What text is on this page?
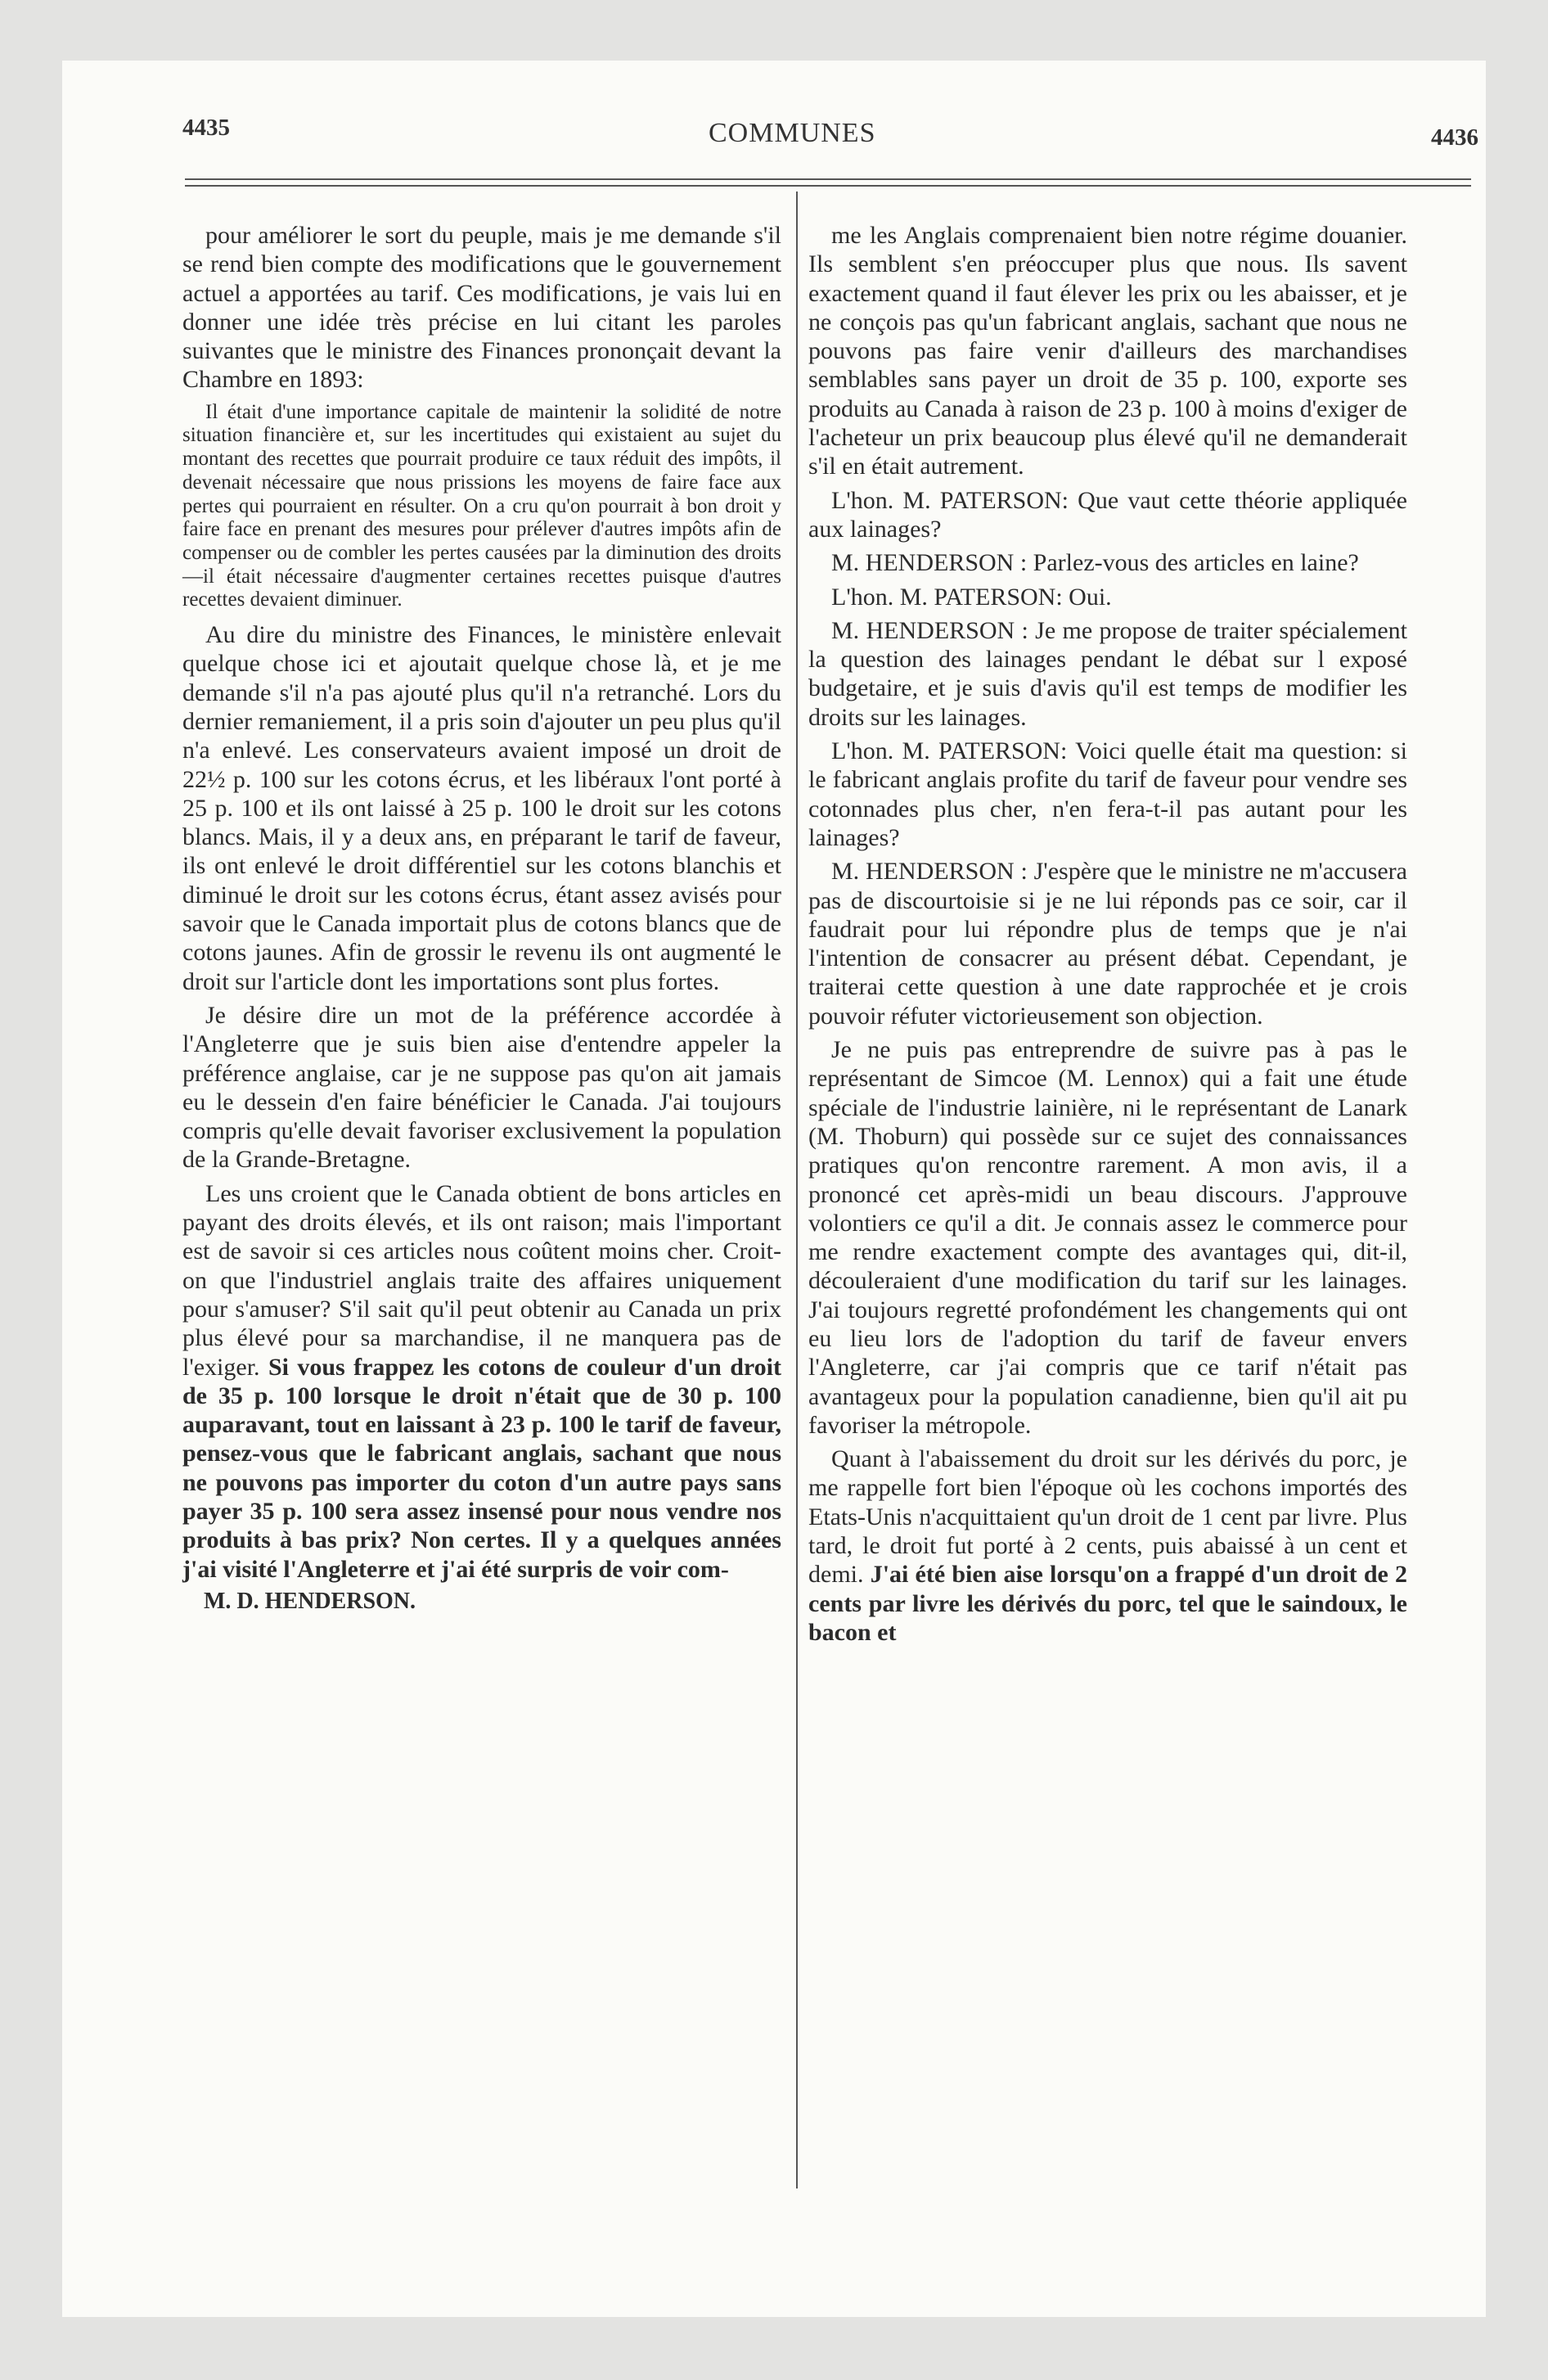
4435	COMMUNES	4436

pour améliorer le sort du peuple, mais je me demande s'il se rend bien compte des modifications que le gouvernement actuel a apportées au tarif. Ces modifications, je vais lui en donner une idée très précise en lui citant les paroles suivantes que le ministre des Finances prononçait devant la Chambre en 1893:

Il était d'une importance capitale de maintenir la solidité de notre situation financière et, sur les incertitudes qui existaient au sujet du montant des recettes que pourrait produire ce taux réduit des impôts, il devenait nécessaire que nous prissions les moyens de faire face aux pertes qui pourraient en résulter. On a cru qu'on pourrait à bon droit y faire face en prenant des mesures pour prélever d'autres impôts afin de compenser ou de combler les pertes causées par la diminution des droits—il était nécessaire d'augmenter certaines recettes puisque d'autres recettes devaient diminuer.

Au dire du ministre des Finances, le ministère enlevait quelque chose ici et ajoutait quelque chose là, et je me demande s'il n'a pas ajouté plus qu'il n'a retranché. Lors du dernier remaniement, il a pris soin d'ajouter un peu plus qu'il n'a enlevé. Les conservateurs avaient imposé un droit de 22½ p. 100 sur les cotons écrus, et les libéraux l'ont porté à 25 p. 100 et ils ont laissé à 25 p. 100 le droit sur les cotons blancs. Mais, il y a deux ans, en préparant le tarif de faveur, ils ont enlevé le droit différentiel sur les cotons blanchis et diminué le droit sur les cotons écrus, étant assez avisés pour savoir que le Canada importait plus de cotons blancs que de cotons jaunes. Afin de grossir le revenu ils ont augmenté le droit sur l'article dont les importations sont plus fortes.

Je désire dire un mot de la préférence accordée à l'Angleterre que je suis bien aise d'entendre appeler la préférence anglaise, car je ne suppose pas qu'on ait jamais eu le dessein d'en faire bénéficier le Canada. J'ai toujours compris qu'elle devait favoriser exclusivement la population de la Grande-Bretagne.

Les uns croient que le Canada obtient de bons articles en payant des droits élevés, et ils ont raison; mais l'important est de savoir si ces articles nous coûtent moins cher. Croit-on que l'industriel anglais traite des affaires uniquement pour s'amuser? S'il sait qu'il peut obtenir au Canada un prix plus élevé pour sa marchandise, il ne manquera pas de l'exiger. Si vous frappez les cotons de couleur d'un droit de 35 p. 100 lorsque le droit n'était que de 30 p. 100 auparavant, tout en laissant à 23 p. 100 le tarif de faveur, pensez-vous que le fabricant anglais, sachant que nous ne pouvons pas importer du coton d'un autre pays sans payer 35 p. 100 sera assez insensé pour nous vendre nos produits à bas prix? Non certes. Il y a quelques années j'ai visité l'Angleterre et j'ai été surpris de voir com-

M. D. HENDERSON.

me les Anglais comprenaient bien notre régime douanier. Ils semblent s'en préoccuper plus que nous. Ils savent exactement quand il faut élever les prix ou les abaisser, et je ne conçois pas qu'un fabricant anglais, sachant que nous ne pouvons pas faire venir d'ailleurs des marchandises semblables sans payer un droit de 35 p. 100, exporte ses produits au Canada à raison de 23 p. 100 à moins d'exiger de l'acheteur un prix beaucoup plus élevé qu'il ne demanderait s'il en était autrement.

L'hon. M. PATERSON: Que vaut cette théorie appliquée aux lainages?

M. HENDERSON : Parlez-vous des articles en laine?

L'hon. M. PATERSON: Oui.

M. HENDERSON : Je me propose de traiter spécialement la question des lainages pendant le débat sur l exposé budgetaire, et je suis d'avis qu'il est temps de modifier les droits sur les lainages.

L'hon. M. PATERSON: Voici quelle était ma question: si le fabricant anglais profite du tarif de faveur pour vendre ses cotonnades plus cher, n'en fera-t-il pas autant pour les lainages?

M. HENDERSON : J'espère que le ministre ne m'accusera pas de discourtoisie si je ne lui réponds pas ce soir, car il faudrait pour lui répondre plus de temps que je n'ai l'intention de consacrer au présent débat. Cependant, je traiterai cette question à une date rapprochée et je crois pouvoir réfuter victorieusement son objection.

Je ne puis pas entreprendre de suivre pas à pas le représentant de Simcoe (M. Lennox) qui a fait une étude spéciale de l'industrie lainière, ni le représentant de Lanark (M. Thoburn) qui possède sur ce sujet des connaissances pratiques qu'on rencontre rarement. A mon avis, il a prononcé cet après-midi un beau discours. J'approuve volontiers ce qu'il a dit. Je connais assez le commerce pour me rendre exactement compte des avantages qui, dit-il, découleraient d'une modification du tarif sur les lainages. J'ai toujours regretté profondément les changements qui ont eu lieu lors de l'adoption du tarif de faveur envers l'Angleterre, car j'ai compris que ce tarif n'était pas avantageux pour la population canadienne, bien qu'il ait pu favoriser la métropole.

Quant à l'abaissement du droit sur les dérivés du porc, je me rappelle fort bien l'époque où les cochons importés des Etats-Unis n'acquittaient qu'un droit de 1 cent par livre. Plus tard, le droit fut porté à 2 cents, puis abaissé à un cent et demi. J'ai été bien aise lorsqu'on a frappé d'un droit de 2 cents par livre les dérivés du porc, tel que le saindoux, le bacon et
